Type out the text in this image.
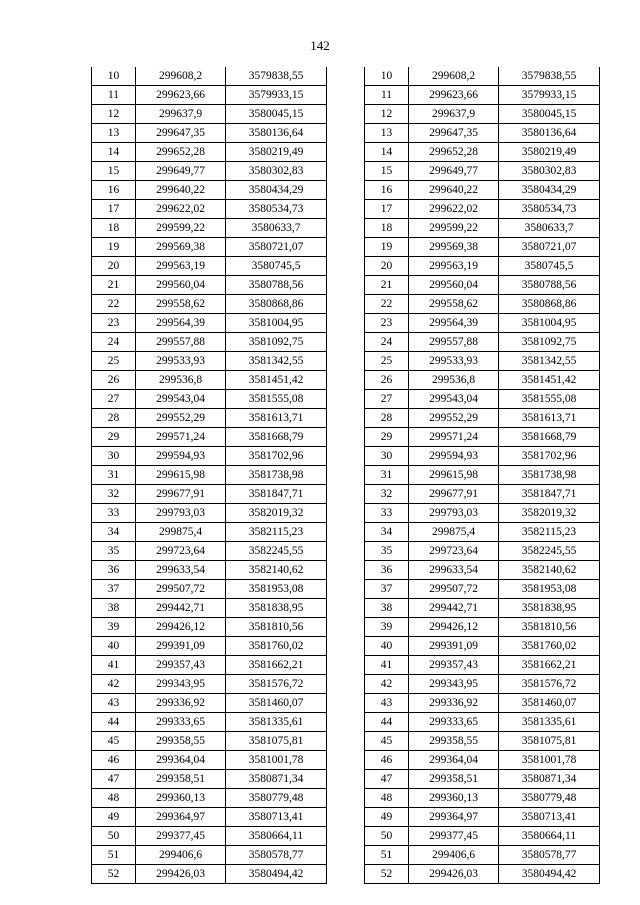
142
10	299608,2	3579838,55
11	299623,66	3579933,15
12	299637,9	3580045,15
13	299647,35	3580136,64
14	299652,28	3580219,49
15	299649,77	3580302,83
16	299640,22	3580434,29
17	299622,02	3580534,73
18	299599,22	3580633,7
19	299569,38	3580721,07
20	299563,19	3580745,5
21	299560,04	3580788,56
22	299558,62	3580868,86
23	299564,39	3581004,95
24	299557,88	3581092,75
25	299533,93	3581342,55
26	299536,8	3581451,42
27	299543,04	3581555,08
28	299552,29	3581613,71
29	299571,24	3581668,79
30	299594,93	3581702,96
31	299615,98	3581738,98
32	299677,91	3581847,71
33	299793,03	3582019,32
34	299875,4	3582115,23
35	299723,64	3582245,55
36	299633,54	3582140,62
37	299507,72	3581953,08
38	299442,71	3581838,95
39	299426,12	3581810,56
40	299391,09	3581760,02
41	299357,43	3581662,21
42	299343,95	3581576,72
43	299336,92	3581460,07
44	299333,65	3581335,61
45	299358,55	3581075,81
46	299364,04	3581001,78
47	299358,51	3580871,34
48	299360,13	3580779,48
49	299364,97	3580713,41
50	299377,45	3580664,11
51	299406,6	3580578,77
52	299426,03	3580494,42
10	299608,2	3579838,55
11	299623,66	3579933,15
12	299637,9	3580045,15
13	299647,35	3580136,64
14	299652,28	3580219,49
15	299649,77	3580302,83
16	299640,22	3580434,29
17	299622,02	3580534,73
18	299599,22	3580633,7
19	299569,38	3580721,07
20	299563,19	3580745,5
21	299560,04	3580788,56
22	299558,62	3580868,86
23	299564,39	3581004,95
24	299557,88	3581092,75
25	299533,93	3581342,55
26	299536,8	3581451,42
27	299543,04	3581555,08
28	299552,29	3581613,71
29	299571,24	3581668,79
30	299594,93	3581702,96
31	299615,98	3581738,98
32	299677,91	3581847,71
33	299793,03	3582019,32
34	299875,4	3582115,23
35	299723,64	3582245,55
36	299633,54	3582140,62
37	299507,72	3581953,08
38	299442,71	3581838,95
39	299426,12	3581810,56
40	299391,09	3581760,02
41	299357,43	3581662,21
42	299343,95	3581576,72
43	299336,92	3581460,07
44	299333,65	3581335,61
45	299358,55	3581075,81
46	299364,04	3581001,78
47	299358,51	3580871,34
48	299360,13	3580779,48
49	299364,97	3580713,41
50	299377,45	3580664,11
51	299406,6	3580578,77
52	299426,03	3580494,42
